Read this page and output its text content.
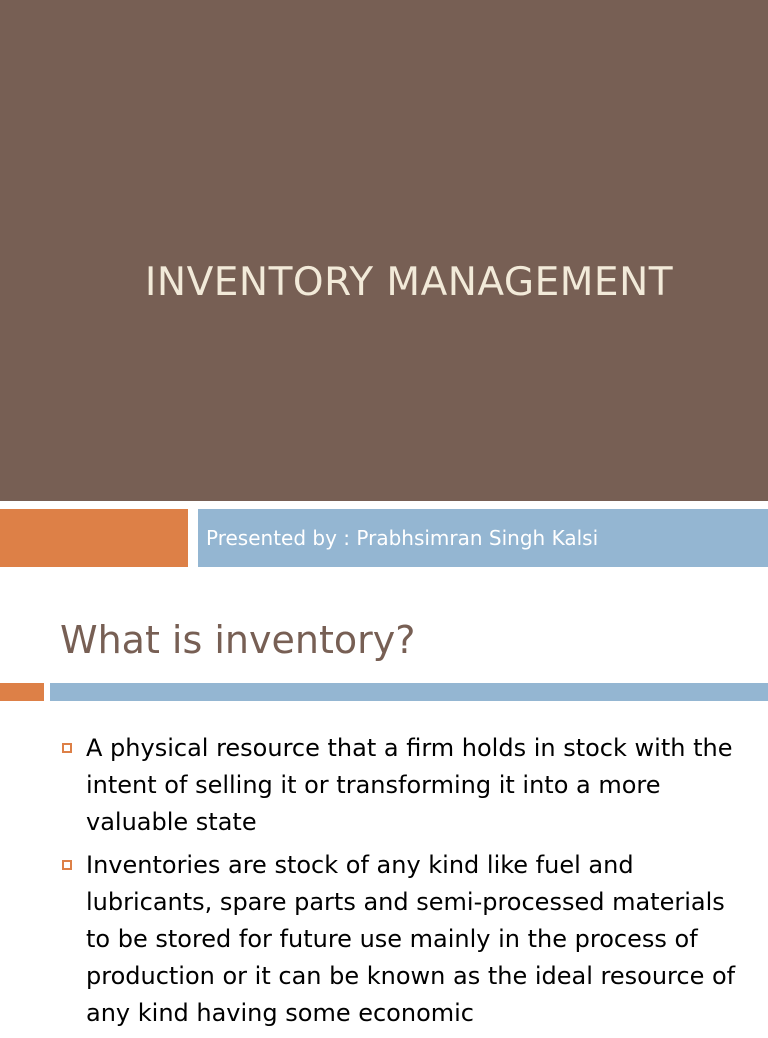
INVENTORY MANAGEMENT
Presented by : Prabhsimran Singh Kalsi
What is inventory?
A physical resource that a firm holds in stock with the intent of selling it or transforming it into a more valuable state
Inventories are stock of any kind like fuel and lubricants, spare parts and semi-processed materials to be stored for future use mainly in the process of production or it can be known as the ideal resource of any kind having some economic
